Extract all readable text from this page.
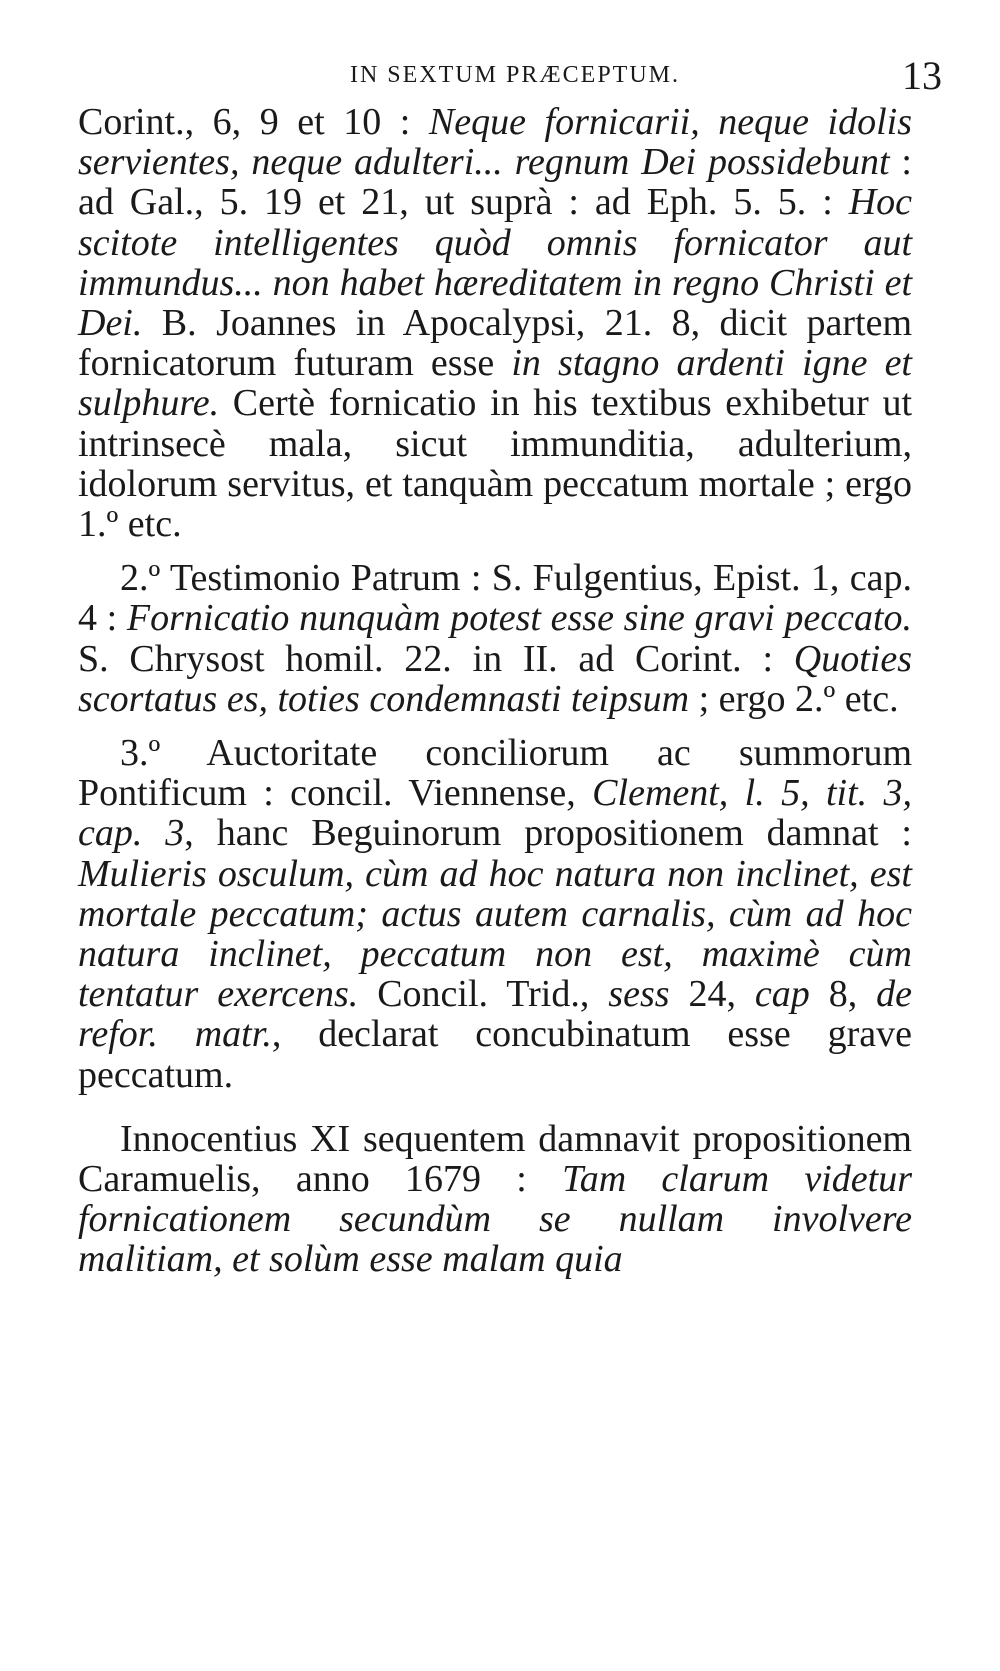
IN SEXTUM PRÆCEPTUM.	13

Corint., 6, 9 et 10 : Neque fornicarii, neque idolis servientes, neque adulteri... regnum Dei possidebunt : ad Gal., 5. 19 et 21, ut suprà : ad Eph. 5. 5. : Hoc scitote intelligentes quòd omnis fornicator aut immundus... non habet hæreditatem in regno Christi et Dei. B. Joannes in Apocalypsi, 21. 8, dicit partem fornicatorum futuram esse in stagno ardenti igne et sulphure. Certè fornicatio in his textibus exhibetur ut intrinsecè mala, sicut immunditia, adulterium, idolorum servitus, et tanquàm peccatum mortale ; ergo 1.º etc.

2.º Testimonio Patrum : S. Fulgentius, Epist. 1, cap. 4 : Fornicatio nunquàm potest esse sine gravi peccato. S. Chrysost homil. 22. in II. ad Corint. : Quoties scortatus es, toties condemnasti teipsum ; ergo 2.º etc.

3.º Auctoritate conciliorum ac summorum Pontificum : concil. Viennense, Clement, l. 5, tit. 3, cap. 3, hanc Beguinorum propositionem damnat : Mulieris osculum, cùm ad hoc natura non inclinet, est mortale peccatum; actus autem carnalis, cùm ad hoc natura inclinet, peccatum non est, maximè cùm tentatur exercens. Concil. Trid., sess 24, cap 8, de refor. matr., declarat concubinatum esse grave peccatum.

Innocentius XI sequentem damnavit propositionem Caramuelis, anno 1679 : Tam clarum videtur fornicationem secundùm se nullam involvere malitiam, et solùm esse malam quia
